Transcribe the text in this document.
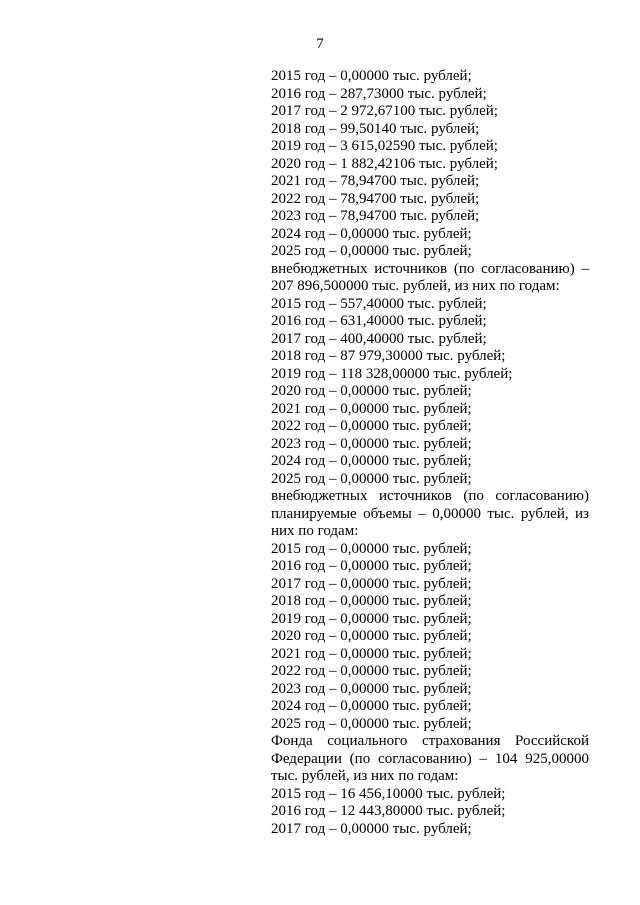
7
2015 год – 0,00000 тыс. рублей;
2016 год – 287,73000 тыс. рублей;
2017 год – 2 972,67100 тыс. рублей;
2018 год – 99,50140 тыс. рублей;
2019 год – 3 615,02590 тыс. рублей;
2020 год – 1 882,42106 тыс. рублей;
2021 год – 78,94700 тыс. рублей;
2022 год – 78,94700 тыс. рублей;
2023 год – 78,94700 тыс. рублей;
2024 год – 0,00000 тыс. рублей;
2025 год – 0,00000 тыс. рублей;
внебюджетных источников (по согласованию) – 207 896,500000 тыс. рублей, из них по годам:
2015 год – 557,40000 тыс. рублей;
2016 год – 631,40000 тыс. рублей;
2017 год – 400,40000 тыс. рублей;
2018 год – 87 979,30000 тыс. рублей;
2019 год – 118 328,00000 тыс. рублей;
2020 год – 0,00000 тыс. рублей;
2021 год – 0,00000 тыс. рублей;
2022 год – 0,00000 тыс. рублей;
2023 год – 0,00000 тыс. рублей;
2024 год – 0,00000 тыс. рублей;
2025 год – 0,00000 тыс. рублей;
внебюджетных источников (по согласованию) планируемые объемы – 0,00000 тыс. рублей, из них по годам:
2015 год – 0,00000 тыс. рублей;
2016 год – 0,00000 тыс. рублей;
2017 год – 0,00000 тыс. рублей;
2018 год – 0,00000 тыс. рублей;
2019 год – 0,00000 тыс. рублей;
2020 год – 0,00000 тыс. рублей;
2021 год – 0,00000 тыс. рублей;
2022 год – 0,00000 тыс. рублей;
2023 год – 0,00000 тыс. рублей;
2024 год – 0,00000 тыс. рублей;
2025 год – 0,00000 тыс. рублей;
Фонда социального страхования Российской Федерации (по согласованию) – 104 925,00000 тыс. рублей, из них по годам:
2015 год – 16 456,10000 тыс. рублей;
2016 год – 12 443,80000 тыс. рублей;
2017 год – 0,00000 тыс. рублей;
